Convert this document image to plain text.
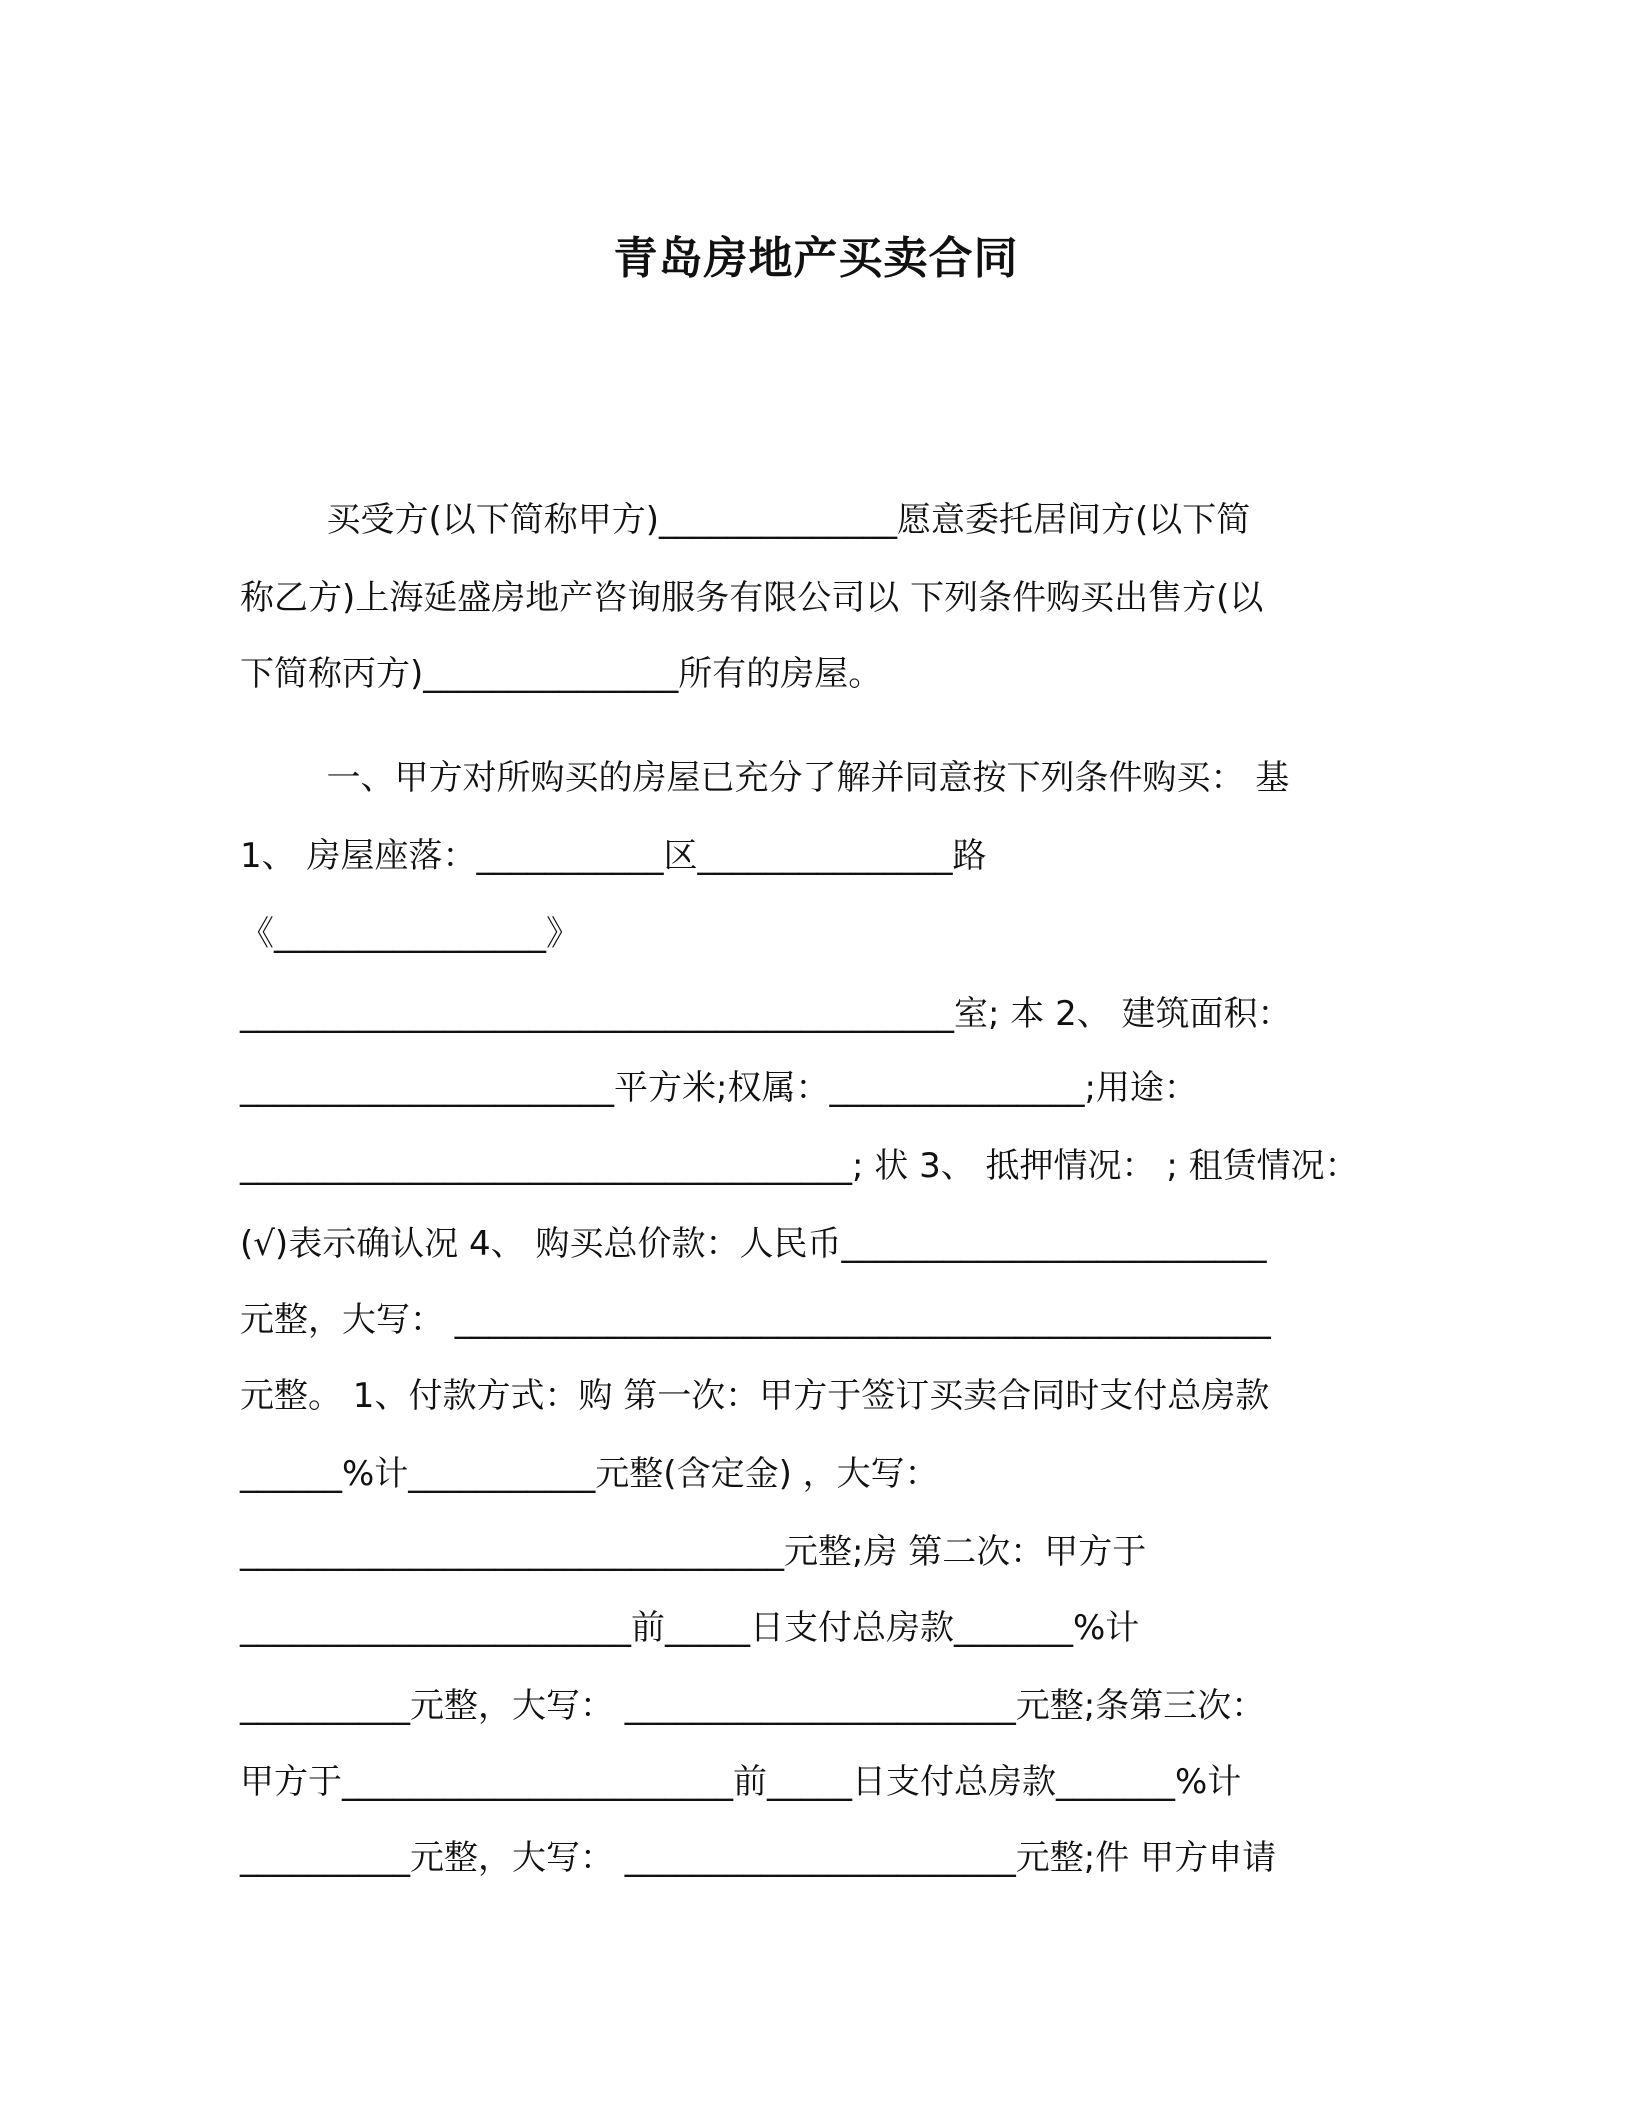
青岛房地产买卖合同
买受方(以下简称甲方)______________愿意委托居间方(以下简
称乙方)上海延盛房地产咨询服务有限公司以 下列条件购买出售方(以
下简称丙方)_______________所有的房屋。
一、甲方对所购买的房屋已充分了解并同意按下列条件购买： 基
1、 房屋座落：___________区_______________路
《________________》
__________________________________________室; 本 2、 建筑面积：
______________________平方米;权属：_______________;用途：
____________________________________; 状 3、 抵押情况： ; 租赁情况：
(√)表示确认况 4、 购买总价款：人民币_________________________
元整，大写： ________________________________________________
元整。 1、付款方式：购 第一次：甲方于签订买卖合同时支付总房款
______%计___________元整(含定金) ，大写：
________________________________元整;房 第二次：甲方于
_______________________前_____日支付总房款_______%计
__________元整，大写： _______________________元整;条第三次：
甲方于_______________________前_____日支付总房款_______%计
__________元整，大写： _______________________元整;件 甲方申请
